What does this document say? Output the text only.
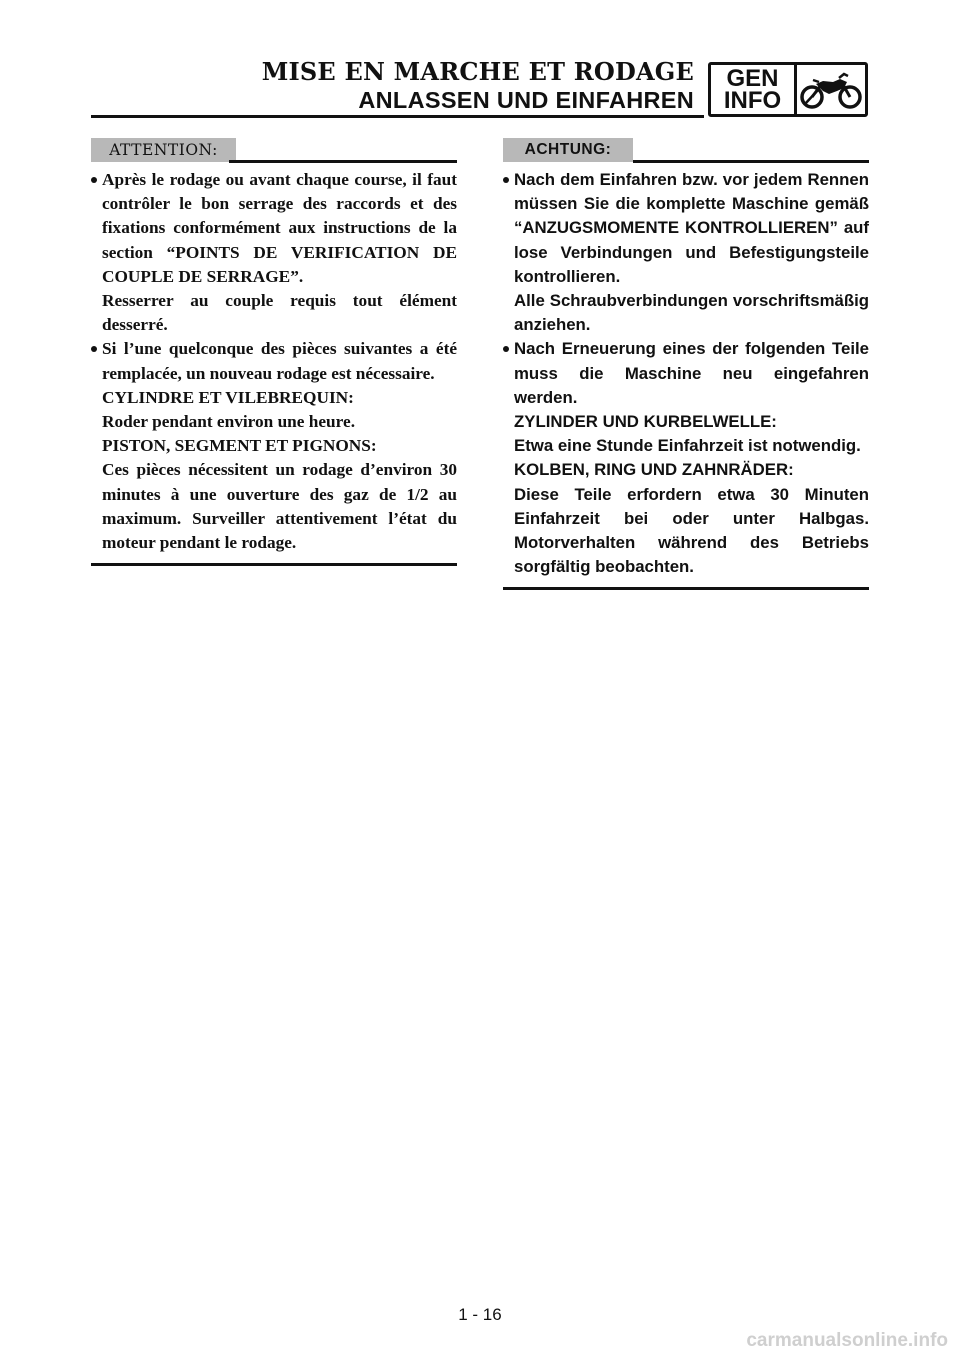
MISE EN MARCHE ET RODAGE
ANLASSEN UND EINFAHREN
GEN
INFO
ATTENTION:
Après le rodage ou avant chaque course, il faut contrôler le bon serrage des raccords et des fixations conformément aux instructions de la section “POINTS DE VERIFICATION DE COUPLE DE SERRAGE”.
Resserrer au couple requis tout élément desserré.
Si l’une quelconque des pièces suivantes a été remplacée, un nouveau rodage est nécessaire.
CYLINDRE ET VILEBREQUIN:
Roder pendant environ une heure.
PISTON, SEGMENT ET PIGNONS:
Ces pièces nécessitent un rodage d’environ 30 minutes à une ouverture des gaz de 1/2 au maximum. Surveiller attentivement l’état du moteur pendant le rodage.
ACHTUNG:
Nach dem Einfahren bzw. vor jedem Rennen müssen Sie die komplette Maschine gemäß “ANZUGSMOMENTE KONTROLLIEREN” auf lose Verbindungen und Befestigungsteile kontrollieren.
Alle Schraubverbindungen vorschriftsmäßig anziehen.
Nach Erneuerung eines der folgenden Teile muss die Maschine neu eingefahren werden.
ZYLINDER UND KURBELWELLE:
Etwa eine Stunde Einfahrzeit ist notwendig.
KOLBEN, RING UND ZAHNRÄDER:
Diese Teile erfordern etwa 30 Minuten Einfahrzeit bei oder unter Halbgas. Motorverhalten während des Betriebs sorgfältig beobachten.
1 - 16
carmanualsonline.info
